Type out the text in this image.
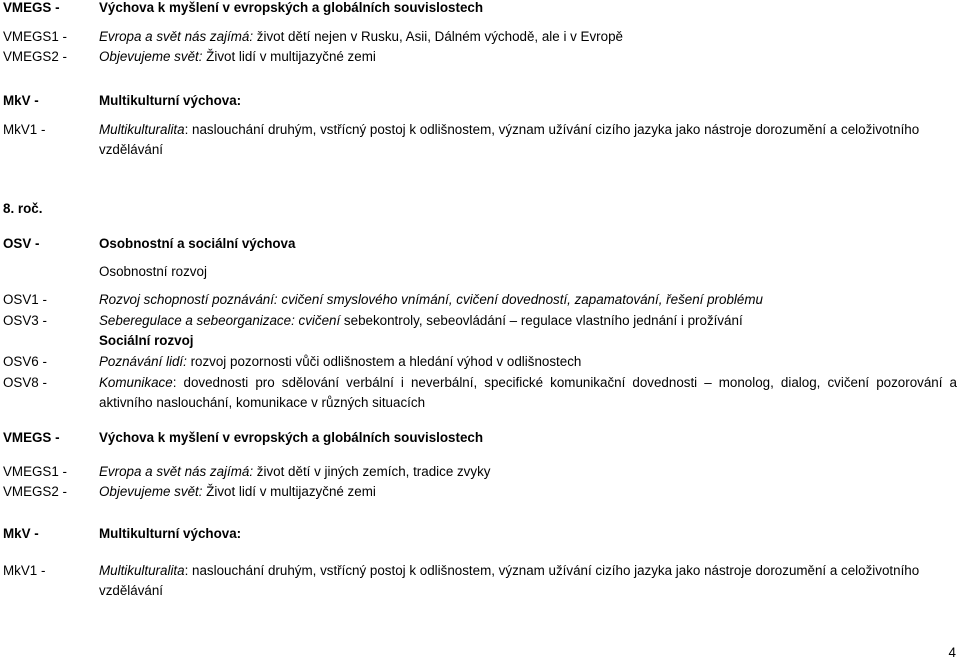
VMEGS -	Výchova k myšlení v evropských a globálních souvislostech
VMEGS1 - Evropa a svět nás zajímá: život dětí nejen v Rusku, Asii, Dálném východě, ale i v Evropě
VMEGS2 - Objevujeme svět: Život lidí v multijazyčné zemi
MkV -	Multikulturní výchova:
MkV1 -	Multikulturalita: naslouchání druhým, vstřícný postoj k odlišnostem, význam užívání cizího jazyka jako nástroje dorozumění a celoživotního vzdělávání
8. roč.
OSV -	Osobnostní a sociální výchova
Osobnostní rozvoj
OSV1 -	Rozvoj schopností poznávání: cvičení smyslového vnímání, cvičení dovedností, zapamatování, řešení problému
OSV3 -	Seberegulace a sebeorganizace: cvičení sebekontroly, sebeovládání – regulace vlastního jednání i prožívání
Sociální rozvoj
OSV6 -	Poznávání lidí: rozvoj pozornosti vůči odlišnostem a hledání výhod v odlišnostech
OSV8 -	Komunikace: dovednosti pro sdělování verbální i neverbální, specifické komunikační dovednosti – monolog, dialog, cvičení pozorování a aktivního naslouchání, komunikace v různých situacích
VMEGS -	Výchova k myšlení v evropských a globálních souvislostech
VMEGS1 - Evropa a svět nás zajímá: život dětí v jiných zemích, tradice zvyky
VMEGS2 - Objevujeme svět: Život lidí v multijazyčné zemi
MkV -	Multikulturní výchova:
MkV1 -	Multikulturalita: naslouchání druhým, vstřícný postoj k odlišnostem, význam užívání cizího jazyka jako nástroje dorozumění a celoživotního vzdělávání
4
